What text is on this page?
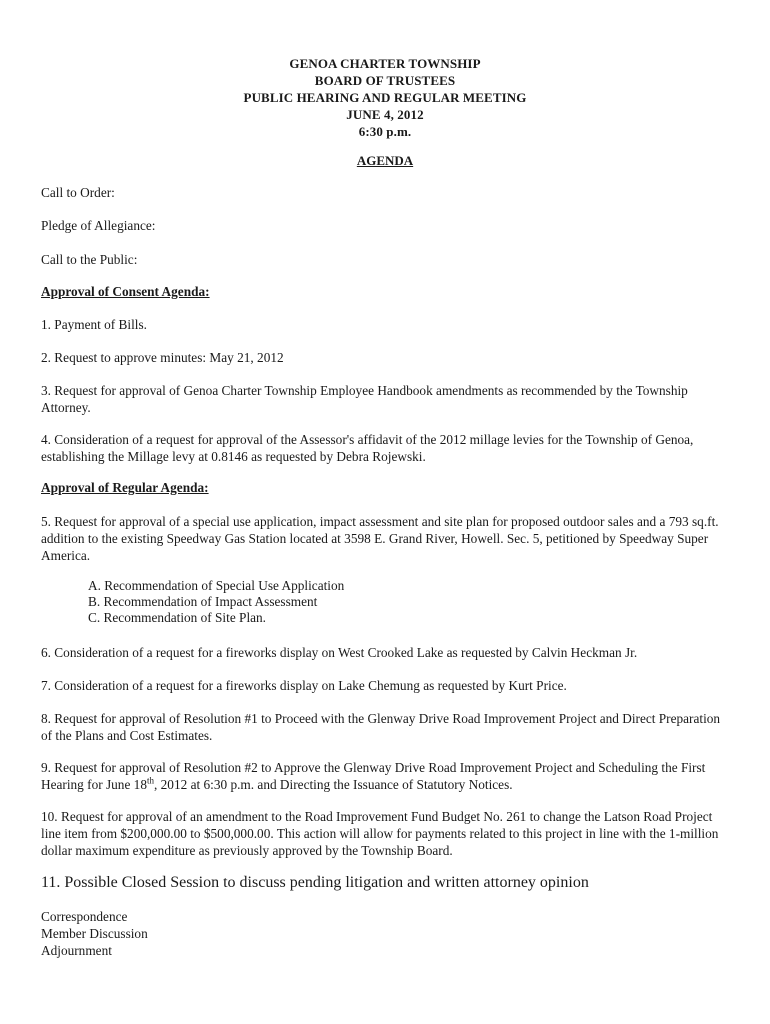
GENOA CHARTER TOWNSHIP
BOARD OF TRUSTEES
PUBLIC HEARING AND REGULAR MEETING
JUNE 4, 2012
6:30 p.m.
AGENDA
Call to Order:
Pledge of Allegiance:
Call to the Public:
Approval of Consent Agenda:
1. Payment of Bills.
2. Request to approve minutes: May 21, 2012
3. Request for approval of Genoa Charter Township Employee Handbook amendments as recommended by the Township Attorney.
4. Consideration of a request for approval of the Assessor's affidavit of the 2012 millage levies for the Township of Genoa, establishing the Millage levy at 0.8146 as requested by Debra Rojewski.
Approval of Regular Agenda:
5. Request for approval of a special use application, impact assessment and site plan for proposed outdoor sales and a 793 sq.ft. addition to the existing Speedway Gas Station located at 3598 E. Grand River, Howell. Sec. 5, petitioned by Speedway Super America.
A. Recommendation of Special Use Application
B. Recommendation of Impact Assessment
C. Recommendation of Site Plan.
6. Consideration of a request for a fireworks display on West Crooked Lake as requested by Calvin Heckman Jr.
7. Consideration of a request for a fireworks display on Lake Chemung as requested by Kurt Price.
8. Request for approval of Resolution #1 to Proceed with the Glenway Drive Road Improvement Project and Direct Preparation of the Plans and Cost Estimates.
9. Request for approval of Resolution #2 to Approve the Glenway Drive Road Improvement Project and Scheduling the First Hearing for June 18th, 2012 at 6:30 p.m. and Directing the Issuance of Statutory Notices.
10. Request for approval of an amendment to the Road Improvement Fund Budget No. 261 to change the Latson Road Project line item from $200,000.00 to $500,000.00. This action will allow for payments related to this project in line with the 1-million dollar maximum expenditure as previously approved by the Township Board.
11. Possible Closed Session to discuss pending litigation and written attorney opinion
Correspondence
Member Discussion
Adjournment
